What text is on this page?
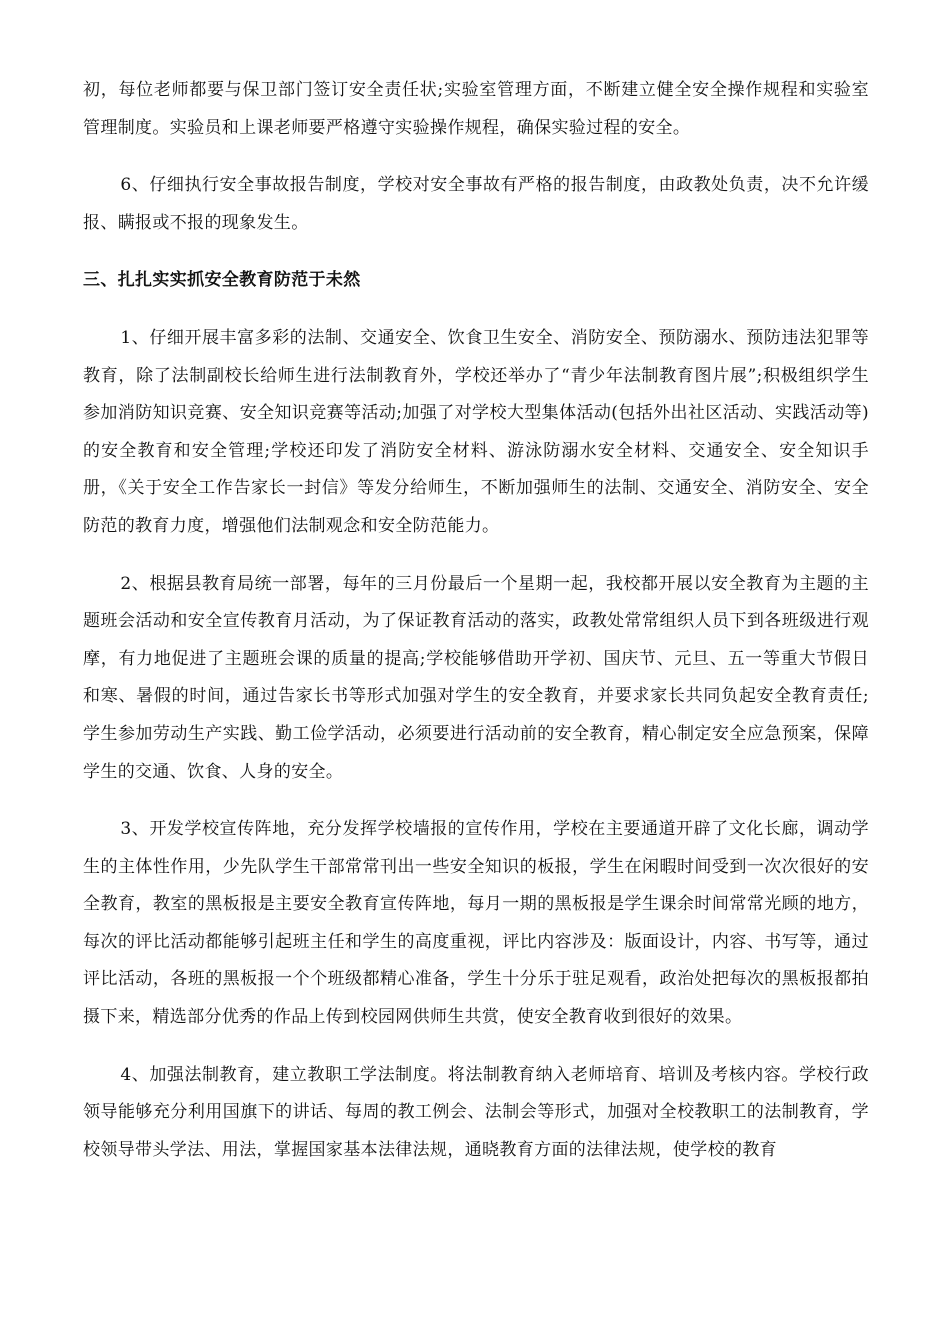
初，每位老师都要与保卫部门签订安全责任状;实验室管理方面，不断建立健全安全操作规程和实验室管理制度。实验员和上课老师要严格遵守实验操作规程，确保实验过程的安全。

6、仔细执行安全事故报告制度，学校对安全事故有严格的报告制度，由政教处负责，决不允许缓报、瞒报或不报的现象发生。

三、扎扎实实抓安全教育防范于未然

1、仔细开展丰富多彩的法制、交通安全、饮食卫生安全、消防安全、预防溺水、预防违法犯罪等教育，除了法制副校长给师生进行法制教育外，学校还举办了“青少年法制教育图片展”;积极组织学生参加消防知识竞赛、安全知识竞赛等活动;加强了对学校大型集体活动(包括外出社区活动、实践活动等)的安全教育和安全管理;学校还印发了消防安全材料、游泳防溺水安全材料、交通安全、安全知识手册，《关于安全工作告家长一封信》等发分给师生，不断加强师生的法制、交通安全、消防安全、安全防范的教育力度，增强他们法制观念和安全防范能力。

2、根据县教育局统一部署，每年的三月份最后一个星期一起，我校都开展以安全教育为主题的主题班会活动和安全宣传教育月活动，为了保证教育活动的落实，政教处常常组织人员下到各班级进行观摩，有力地促进了主题班会课的质量的提高;学校能够借助开学初、国庆节、元旦、五一等重大节假日和寒、暑假的时间，通过告家长书等形式加强对学生的安全教育，并要求家长共同负起安全教育责任;学生参加劳动生产实践、勤工俭学活动，必须要进行活动前的安全教育，精心制定安全应急预案，保障学生的交通、饮食、人身的安全。

3、开发学校宣传阵地，充分发挥学校墙报的宣传作用，学校在主要通道开辟了文化长廊，调动学生的主体性作用，少先队学生干部常常刊出一些安全知识的板报，学生在闲暇时间受到一次次很好的安全教育，教室的黑板报是主要安全教育宣传阵地，每月一期的黑板报是学生课余时间常常光顾的地方，每次的评比活动都能够引起班主任和学生的高度重视，评比内容涉及：版面设计，内容、书写等，通过评比活动，各班的黑板报一个个班级都精心准备，学生十分乐于驻足观看，政治处把每次的黑板报都拍摄下来，精选部分优秀的作品上传到校园网供师生共赏，使安全教育收到很好的效果。

4、加强法制教育，建立教职工学法制度。将法制教育纳入老师培育、培训及考核内容。学校行政领导能够充分利用国旗下的讲话、每周的教工例会、法制会等形式，加强对全校教职工的法制教育，学校领导带头学法、用法，掌握国家基本法律法规，通晓教育方面的法律法规，使学校的教育
